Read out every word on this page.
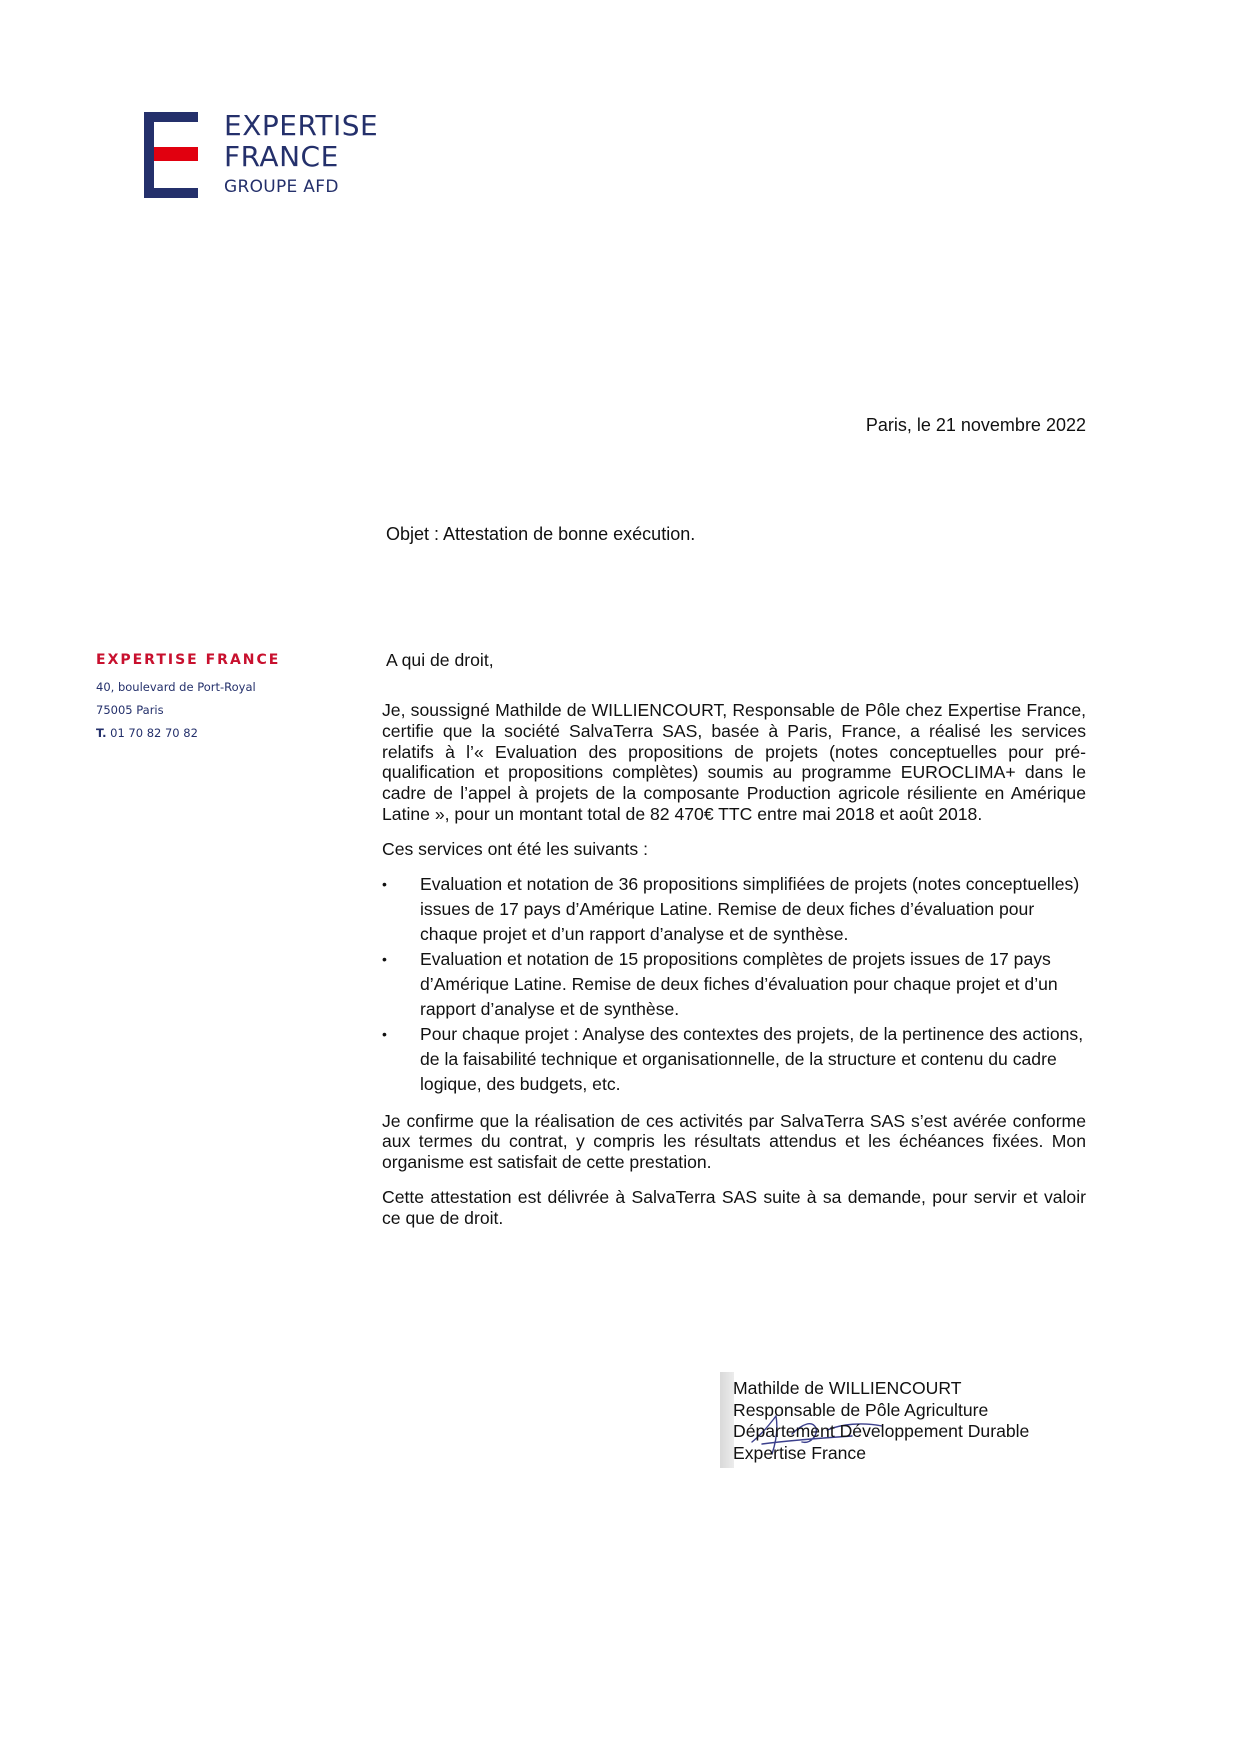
EXPERTISE
FRANCE
GROUPE AFD
EXPERTISE FRANCE
40, boulevard de Port-Royal
75005 Paris
T. 01 70 82 70 82
Paris, le 21 novembre 2022
Objet : Attestation de bonne exécution.
A qui de droit,

Je, soussigné Mathilde de WILLIENCOURT, Responsable de Pôle chez Expertise France, certifie que la société SalvaTerra SAS, basée à Paris, France, a réalisé les services relatifs à l’« Evaluation des propositions de projets (notes conceptuelles pour pré-qualification et propositions complètes) soumis au programme EUROCLIMA+ dans le cadre de l’appel à projets de la composante Production agricole résiliente en Amérique Latine », pour un montant total de 82 470€ TTC entre mai 2018 et août 2018.

Ces services ont été les suivants :

• Evaluation et notation de 36 propositions simplifiées de projets (notes conceptuelles) issues de 17 pays d’Amérique Latine. Remise de deux fiches d’évaluation pour chaque projet et d’un rapport d’analyse et de synthèse.
• Evaluation et notation de 15 propositions complètes de projets issues de 17 pays d’Amérique Latine. Remise de deux fiches d’évaluation pour chaque projet et d’un rapport d’analyse et de synthèse.
• Pour chaque projet : Analyse des contextes des projets, de la pertinence des actions, de la faisabilité technique et organisationnelle, de la structure et contenu du cadre logique, des budgets, etc.

Je confirme que la réalisation de ces activités par SalvaTerra SAS s’est avérée conforme aux termes du contrat, y compris les résultats attendus et les échéances fixées. Mon organisme est satisfait de cette prestation.

Cette attestation est délivrée à SalvaTerra SAS suite à sa demande, pour servir et valoir ce que de droit.

Mathilde de WILLIENCOURT
Responsable de Pôle Agriculture
Département Développement Durable
Expertise France
